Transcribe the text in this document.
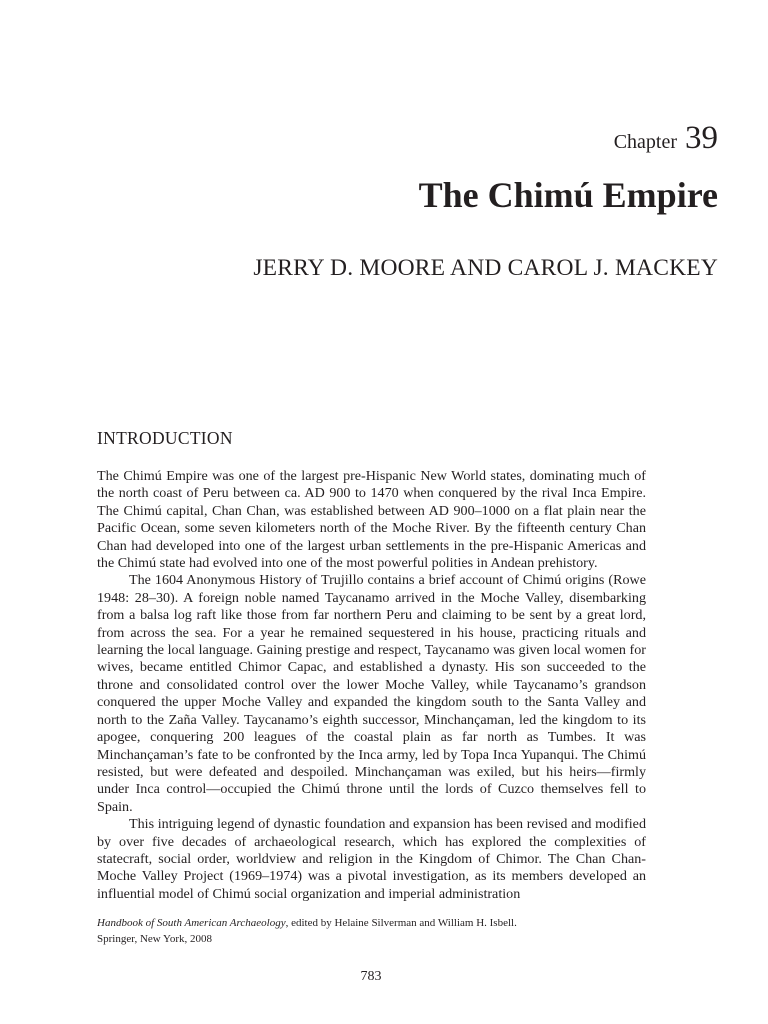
Chapter 39
The Chimú Empire
JERRY D. MOORE AND CAROL J. MACKEY
INTRODUCTION

The Chimú Empire was one of the largest pre-Hispanic New World states, dominating much of the north coast of Peru between ca. AD 900 to 1470 when conquered by the rival Inca Empire. The Chimú capital, Chan Chan, was established between AD 900–1000 on a flat plain near the Pacific Ocean, some seven kilometers north of the Moche River. By the fifteenth century Chan Chan had developed into one of the largest urban settlements in the pre-Hispanic Americas and the Chimú state had evolved into one of the most powerful polities in Andean prehistory.

The 1604 Anonymous History of Trujillo contains a brief account of Chimú origins (Rowe 1948: 28–30). A foreign noble named Taycanamo arrived in the Moche Valley, disembarking from a balsa log raft like those from far northern Peru and claiming to be sent by a great lord, from across the sea. For a year he remained sequestered in his house, practicing rituals and learning the local language. Gaining prestige and respect, Taycanamo was given local women for wives, became entitled Chimor Capac, and established a dynasty. His son succeeded to the throne and consolidated control over the lower Moche Valley, while Taycanamo’s grandson conquered the upper Moche Valley and expanded the kingdom south to the Santa Valley and north to the Zaña Valley. Taycanamo’s eighth successor, Minchançaman, led the kingdom to its apogee, conquering 200 leagues of the coastal plain as far north as Tumbes. It was Minchançaman’s fate to be confronted by the Inca army, led by Topa Inca Yupanqui. The Chimú resisted, but were defeated and despoiled. Minchançaman was exiled, but his heirs—firmly under Inca control—occupied the Chimú throne until the lords of Cuzco themselves fell to Spain.

This intriguing legend of dynastic foundation and expansion has been revised and modified by over five decades of archaeological research, which has explored the complexities of statecraft, social order, worldview and religion in the Kingdom of Chimor. The Chan Chan-Moche Valley Project (1969–1974) was a pivotal investigation, as its members developed an influential model of Chimú social organization and imperial administration

Handbook of South American Archaeology, edited by Helaine Silverman and William H. Isbell.
Springer, New York, 2008
783
